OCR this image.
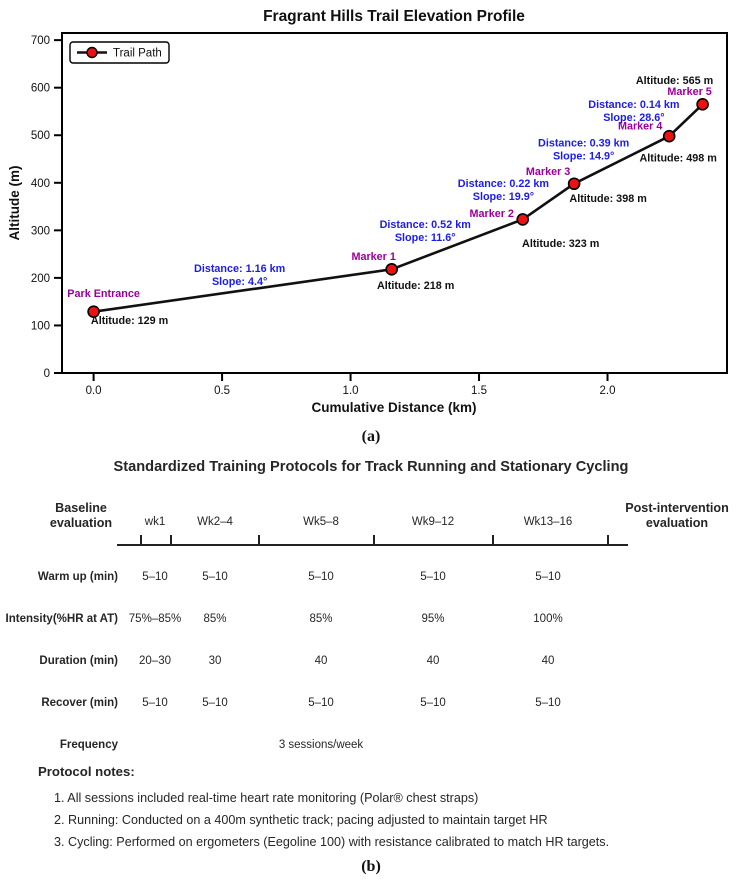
Fragrant Hills Trail Elevation Profile
0.0	0.5	1.0	1.5	2.0
0
100
200
300
400
500
600
700
Park Entrance
Altitude: 129 m
Marker 1
Altitude: 218 m
Marker 2
Altitude: 323 m
Marker 3
Altitude: 398 m
Marker 4
Altitude: 498 m
Marker 5
Altitude: 565 m
Distance: 1.16 km
Slope: 4.4°
Distance: 0.52 km
Slope: 11.6°
Distance: 0.22 km
Slope: 19.9°
Distance: 0.39 km
Slope: 14.9°
Distance: 0.14 km
Slope: 28.6°
Altitude (m)
Cumulative Distance (km)
Trail Path
(a)
Standardized Training Protocols for Track Running and Stationary Cycling
Baseline
evaluation
Post-intervention
evaluation
wk1	Wk2–4	Wk5–8	Wk9–12	Wk13–16
Warm up (min) 5–10	5–10	5–10	5–10	5–10
Intensity(%HR at AT) 75%–85% 85%	85%	95%	100%
Duration (min) 20–30	30	40	40	40
Recover (min) 5–10	5–10	5–10	5–10	5–10
Frequency	3 sessions/week
Protocol notes:
1. All sessions included real-time heart rate monitoring (Polar® chest straps)
2. Running: Conducted on a 400m synthetic track; pacing adjusted to maintain target HR
3. Cycling: Performed on ergometers (Eegoline 100) with resistance calibrated to match HR targets.
(b)
